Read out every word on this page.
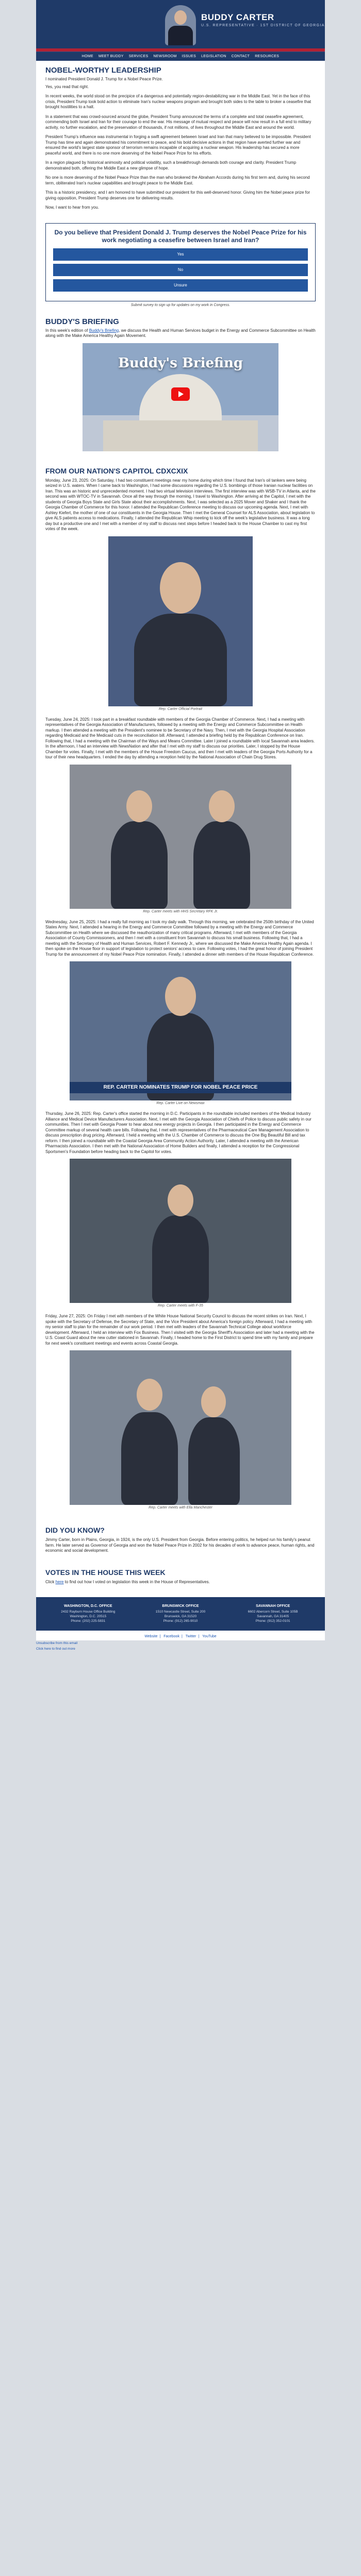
BUDDY CARTER
U.S. REPRESENTATIVE · 1ST DISTRICT OF GEORGIA
HOME MEET BUDDY SERVICES NEWSROOM ISSUES LEGISLATION CONTACT RESOURCES
NOBEL-WORTHY LEADERSHIP

I nominated President Donald J. Trump for a Nobel Peace Prize.

Yes, you read that right.

In recent weeks, the world stood on the precipice of a dangerous and potentially region-destabilizing war in the Middle East. Yet in the face of this crisis, President Trump took bold action to eliminate Iran's nuclear weapons program and brought both sides to the table to broker a ceasefire that brought hostilities to a halt.

In a statement that was crowd-sourced around the globe, President Trump announced the terms of a complete and total ceasefire agreement, commending both Israel and Iran for their courage to end the war. His message of mutual respect and peace will now result in a full end to military activity, no further escalation, and the preservation of thousands, if not millions, of lives throughout the Middle East and around the world.

President Trump's influence was instrumental in forging a swift agreement between Israel and Iran that many believed to be impossible. President Trump has time and again demonstrated his commitment to peace, and his bold decisive actions in that region have averted further war and ensured the world's largest state sponsor of terrorism remains incapable of acquiring a nuclear weapon. His leadership has secured a more peaceful world, and there is no one more deserving of the Nobel Peace Prize for his efforts.

In a region plagued by historical animosity and political volatility, such a breakthrough demands both courage and clarity. President Trump demonstrated both, offering the Middle East a new glimpse of hope.

No one is more deserving of the Nobel Peace Prize than the man who brokered the Abraham Accords during his first term and, during his second term, obliterated Iran's nuclear capabilities and brought peace to the Middle East.

This is a historic presidency, and I am honored to have submitted our president for this well-deserved honor. Giving him the Nobel peace prize for giving opposition, President Trump deserves one for delivering results.

Now, I want to hear from you.

Do you believe that President Donald J. Trump deserves the Nobel Peace Prize for his work negotiating a ceasefire between Israel and Iran?
Yes
No
Unsure
Submit survey to sign up for updates on my work in Congress.
BUDDY'S BRIEFING

In this week's edition of Buddy's Briefing, we discuss the Health and Human Services budget in the Energy and Commerce Subcommittee on Health along with the Make America Healthy Again Movement.

Buddy's Briefing
FROM OUR NATION'S CAPITOL CDXCXIX

Monday, June 23, 2025: On Saturday, I had two constituent meetings near my home during which time I found that Iran's oil tankers were being seized in U.S. waters. When I came back to Washington, I had some discussions regarding the U.S. bombings of those Iranian nuclear facilities on Iran. This was an historic and unprecedented moment. I had two virtual television interviews. The first interview was with WSB-TV in Atlanta, and the second was with WTOC-TV in Savannah. Once all the way through the morning, I travel to Washington. After arriving at the Capitol, I met with the students of Georgia Boys State and Girls State about their accomplishments. Next, I was selected as a 2025 Mover and Shaker and I thank the Georgia Chamber of Commerce for this honor. I attended the Republican Conference meeting to discuss our upcoming agenda. Next, I met with Ashley Kiefert, the mother of one of our constituents in the Georgia House. Then I met the General Counsel for ALS Association, about legislation to give ALS patients access to medications. Finally, I attended the Republican Whip meeting to kick off the week's legislative business. It was a long day but a productive one and I met with a member of my staff to discuss next steps before I headed back to the House Chamber to cast my first votes of the week.

Rep. Carter Official Portrait

Tuesday, June 24, 2025: I took part in a breakfast roundtable with members of the Georgia Chamber of Commerce. Next, I had a meeting with representatives of the Georgia Association of Manufacturers, followed by a meeting with the Energy and Commerce Subcommittee on Health markup. I then attended a meeting with the President's nominee to be Secretary of the Navy. Then, I met with the Georgia Hospital Association regarding Medicaid and the Medicaid cuts in the reconciliation bill. Afterward, I attended a briefing held by the Republican Conference on Iran. Following that, I had a meeting with the Chairman of the Ways and Means Committee. Later I joined a roundtable with local Savannah area leaders. In the afternoon, I had an interview with NewsNation and after that I met with my staff to discuss our priorities. Later, I stopped by the House Chamber for votes. Finally, I met with the members of the House Freedom Caucus, and then I met with leaders of the Georgia Ports Authority for a tour of their new headquarters. I ended the day by attending a reception held by the National Association of Chain Drug Stores.

Rep. Carter meets with HHS Secretary RFK Jr.

Wednesday, June 25, 2025: I had a really full morning as I took my daily walk. Through this morning, we celebrated the 250th birthday of the United States Army. Next, I attended a hearing in the Energy and Commerce Committee followed by a meeting with the Energy and Commerce Subcommittee on Health where we discussed the reauthorization of many critical programs. Afterward, I met with members of the Georgia Association of County Commissioners, and then I met with a constituent from Savannah to discuss his small business. Following that, I had a meeting with the Secretary of Health and Human Services, Robert F. Kennedy Jr., where we discussed the Make America Healthy Again agenda. I then spoke on the House floor in support of legislation to protect seniors' access to care. Following votes, I had the great honor of joining President Trump for the announcement of my Nobel Peace Prize nomination. Finally, I attended a dinner with members of the House Republican Conference.

REP. CARTER NOMINATES TRUMP FOR NOBEL PEACE PRICE
Rep. Carter Live on Newsmax

Thursday, June 26, 2025: Rep. Carter's office started the morning in D.C. Participants in the roundtable included members of the Medical Industry Alliance and Medical Device Manufacturers Association. Next, I met with the Georgia Association of Chiefs of Police to discuss public safety in our communities. Then I met with Georgia Power to hear about new energy projects in Georgia. I then participated in the Energy and Commerce Committee markup of several health care bills. Following that, I met with representatives of the Pharmaceutical Care Management Association to discuss prescription drug pricing. Afterward, I held a meeting with the U.S. Chamber of Commerce to discuss the One Big Beautiful Bill and tax reform. I then joined a roundtable with the Coastal Georgia Area Community Action Authority. Later, I attended a meeting with the American Pharmacists Association. I then met with the National Association of Home Builders and finally, I attended a reception for the Congressional Sportsmen's Foundation before heading back to the Capitol for votes.

Rep. Carter meets with F-35

Friday, June 27, 2025: On Friday I met with members of the White House National Security Council to discuss the recent strikes on Iran. Next, I spoke with the Secretary of Defense, the Secretary of State, and the Vice President about America's foreign policy. Afterward, I had a meeting with my senior staff to plan for the remainder of our work period. I then met with leaders of the Savannah Technical College about workforce development. Afterward, I held an interview with Fox Business. Then I visited with the Georgia Sheriff's Association and later had a meeting with the U.S. Coast Guard about the new cutter stationed in Savannah. Finally, I headed home to the First District to spend time with my family and prepare for next week's constituent meetings and events across Coastal Georgia.

Rep. Carter meets with Ella Manchester
DID YOU KNOW?

Jimmy Carter, born in Plains, Georgia, in 1924, is the only U.S. President from Georgia. Before entering politics, he helped run his family's peanut farm. He later served as Governor of Georgia and won the Nobel Peace Prize in 2002 for his decades of work to advance peace, human rights, and economic and social development.

VOTES IN THE HOUSE THIS WEEK

Click here to find out how I voted on legislation this week in the House of Representatives.

WASHINGTON, D.C. OFFICE
2432 Rayburn House Office Building
Washington, D.C. 20515
Phone: (202) 225-5831
BRUNSWICK OFFICE
1510 Newcastle Street, Suite 200
Brunswick, GA 31520
Phone: (912) 265-9010
SAVANNAH OFFICE
6602 Abercorn Street, Suite 105B
Savannah, GA 31405
Phone: (912) 352-0101
Website | Facebook | Twitter | YouTube
Unsubscribe from this email
Click here to find out more
